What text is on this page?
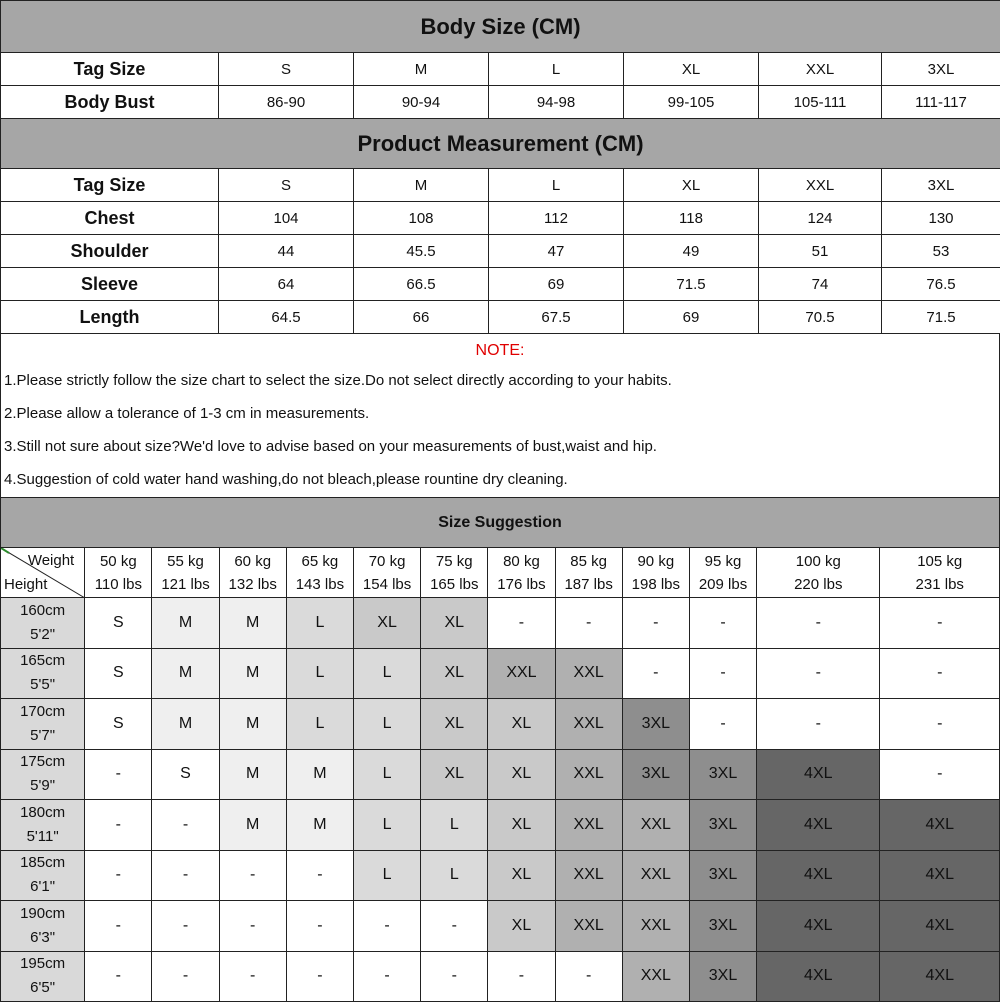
Body Size (CM)						
Tag Size	S	M	L	XL	XXL	3XL
Body Bust	86-90	90-94	94-98	99-105	105-111	111-117
Product Measurement (CM)						
Tag Size	S	M	L	XL	XXL	3XL
Chest	104	108	112	118	124	130
Shoulder	44	45.5	47	49	51	53
Sleeve	64	66.5	69	71.5	74	76.5
Length	64.5	66	67.5	69	70.5	71.5
NOTE:
1.Please strictly follow the size chart to select the size.Do not select directly according to your habits.
2.Please allow a tolerance of 1-3 cm in measurements.
3.Still not sure about size?We'd love to advise based on your measurements of bust,waist and hip.
4.Suggestion of cold water hand washing,do not bleach,please rountine dry cleaning.
Size Suggestion												

Weight
Height	50 kg
110 lbs	55 kg
121 lbs	60 kg
132 lbs	65 kg
143 lbs	70 kg
154 lbs	75 kg
165 lbs	80 kg
176 lbs	85 kg
187 lbs	90 kg
198 lbs	95 kg
209 lbs	100 kg
220 lbs	105 kg
231 lbs

160cm
5'2"	S	M	M	L	XL	XL	-	-	-	-	-	-

165cm
5'5"	S	M	M	L	L	XL	XXL	XXL	-	-	-	-

170cm
5'7"	S	M	M	L	L	XL	XL	XXL	3XL	-	-	-

175cm
5'9"	-	S	M	M	L	XL	XL	XXL	3XL	3XL	4XL	-

180cm
5'11"	-	-	M	M	L	L	XL	XXL	XXL	3XL	4XL	4XL

185cm
6'1"	-	-	-	-	L	L	XL	XXL	XXL	3XL	4XL	4XL

190cm
6'3"	-	-	-	-	-	-	XL	XXL	XXL	3XL	4XL	4XL

195cm
6'5"	-	-	-	-	-	-	-	-	XXL	3XL	4XL	4XL
